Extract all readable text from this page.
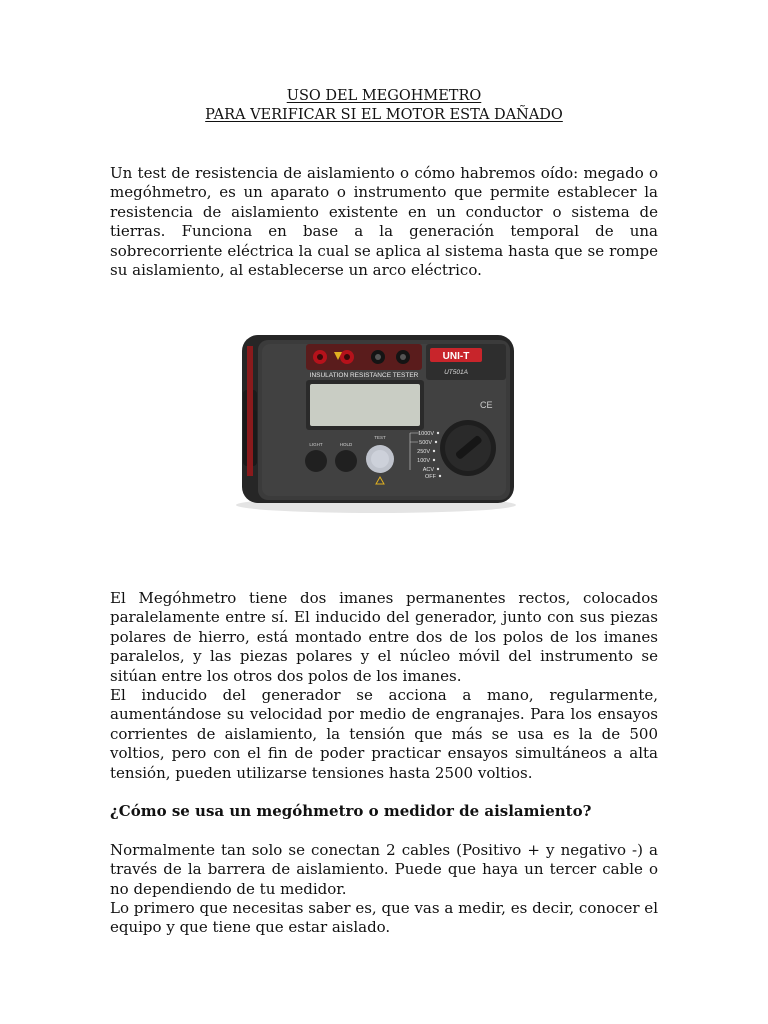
USO DEL MEGOHMETRO
PARA VERIFICAR SI EL MOTOR ESTA DAÑADO

Un test de resistencia de aislamiento o cómo habremos oído: megado o megóhmetro, es un aparato o instrumento que permite establecer la resistencia de aislamiento existente en un conductor o sistema de tierras. Funciona en base a la generación temporal de una sobrecorriente eléctrica la cual se aplica al sistema hasta que se rompe su aislamiento, al establecerse un arco eléctrico.

UNI-T
UT501A
INSULATION RESISTANCE TESTER
CE
LIGHT	HOLD
TEST
1000V
500V
250V
100V
ACV
OFF

El Megóhmetro tiene dos imanes permanentes rectos, colocados paralelamente entre sí. El inducido del generador, junto con sus piezas polares de hierro, está montado entre dos de los polos de los imanes paralelos, y las piezas polares y el núcleo móvil del instrumento se sitúan entre los otros dos polos de los imanes.

El inducido del generador se acciona a mano, regularmente, aumentándose su velocidad por medio de engranajes. Para los ensayos corrientes de aislamiento, la tensión que más se usa es la de 500 voltios, pero con el fin de poder practicar ensayos simultáneos a alta tensión, pueden utilizarse tensiones hasta 2500 voltios.

¿Cómo se usa un megóhmetro o medidor de aislamiento?

Normalmente tan solo se conectan 2 cables (Positivo + y negativo -) a través de la barrera de aislamiento. Puede que haya un tercer cable o no dependiendo de tu medidor.

Lo primero que necesitas saber es, que vas a medir, es decir, conocer el equipo y que tiene que estar aislado.
